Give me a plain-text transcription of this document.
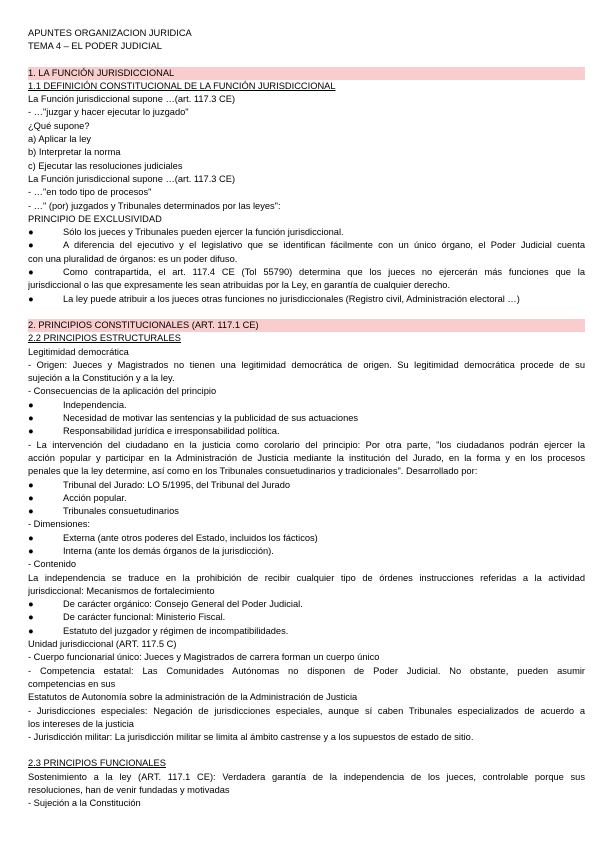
APUNTES ORGANIZACION JURIDICA
TEMA 4 – EL PODER JUDICIAL
1. LA FUNCIÓN JURISDICCIONAL
1.1 DEFINICIÓN CONSTITUCIONAL DE LA FUNCIÓN JURISDICCIONAL
La Función jurisdiccional supone …(art. 117.3 CE)
- …"juzgar y hacer ejecutar lo juzgado"
¿Qué supone?
a) Aplicar la ley
b) Interpretar la norma
c) Ejecutar las resoluciones judiciales
La Función jurisdiccional supone …(art. 117.3 CE)
- …"en todo tipo de procesos"
- …" (por) juzgados y Tribunales determinados por las leyes":
PRINCIPIO DE EXCLUSIVIDAD
●	Sólo los jueces y Tribunales pueden ejercer la función jurisdiccional.
●	A diferencia del ejecutivo y el legislativo que se identifican fácilmente con un único órgano, el Poder Judicial cuenta
con una pluralidad de órganos: es un poder difuso.
●	Como contrapartida, el art. 117.4 CE (Tol 55790) determina que los jueces no ejercerán más funciones que la
jurisdiccional o las que expresamente les sean atribuidas por la Ley, en garantía de cualquier derecho.
●	La ley puede atribuir a los jueces otras funciones no jurisdiccionales (Registro civil, Administración electoral …)
2. PRINCIPIOS CONSTITUCIONALES (ART. 117.1 CE)
2.2 PRINCIPIOS ESTRUCTURALES
Legitimidad democrática
- Origen: Jueces y Magistrados no tienen una legitimidad democrática de origen. Su legitimidad democrática procede de su
sujeción a la Constitución y a la ley.
- Consecuencias de la aplicación del principio
●	Independencia.
●	Necesidad de motivar las sentencias y la publicidad de sus actuaciones
●	Responsabilidad jurídica e irresponsabilidad política.
- La intervención del ciudadano en la justicia como corolario del principio: Por otra parte, "los ciudadanos podrán ejercer la
acción popular y participar en la Administración de Justicia mediante la institución del Jurado, en la forma y en los procesos
penales que la ley determine, así como en los Tribunales consuetudinarios y tradicionales". Desarrollado por:
●	Tribunal del Jurado: LO 5/1995, del Tribunal del Jurado
●	Acción popular.
●	Tribunales consuetudinarios
- Dimensiones:
●	Externa (ante otros poderes del Estado, incluidos los fácticos)
●	Interna (ante los demás órganos de la jurisdicción).
- Contenido
La independencia se traduce en la prohibición de recibir cualquier tipo de órdenes instrucciones referidas a la actividad
jurisdiccional: Mecanismos de fortalecimiento
●	De carácter orgánico: Consejo General del Poder Judicial.
●	De carácter funcional: Ministerio Fiscal.
●	Estatuto del juzgador y régimen de incompatibilidades.
Unidad jurisdiccional (ART. 117.5 C)
- Cuerpo funcionarial único: Jueces y Magistrados de carrera forman un cuerpo único
- Competencia estatal: Las Comunidades Autónomas no disponen de Poder Judicial. No obstante, pueden asumir
competencias en sus
Estatutos de Autonomía sobre la administración de la Administración de Justicia
- Jurisdicciones especiales: Negación de jurisdicciones especiales, aunque sí caben Tribunales especializados de acuerdo a
los intereses de la justicia
- Jurisdicción militar: La jurisdicción militar se limita al ámbito castrense y a los supuestos de estado de sitio.
2.3 PRINCIPIOS FUNCIONALES
Sostenimiento a la ley (ART. 117.1 CE): Verdadera garantía de la independencia de los jueces, controlable porque sus
resoluciones, han de venir fundadas y motivadas
- Sujeción a la Constitución
